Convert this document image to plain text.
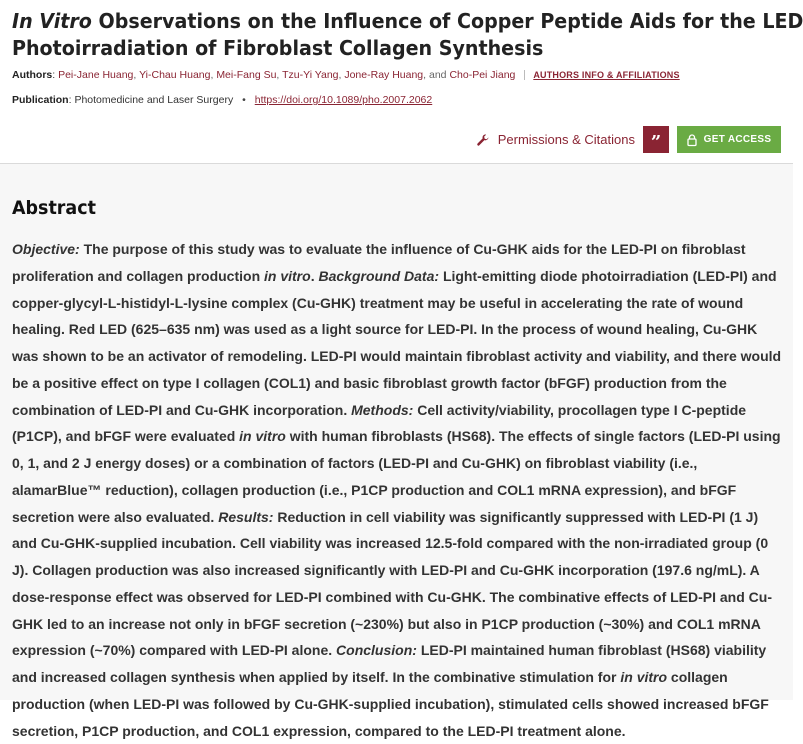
In Vitro Observations on the Influence of Copper Peptide Aids for the LED
Photoirradiation of Fibroblast Collagen Synthesis
Authors: Pei-Jane Huang, Yi-Chau Huang, Mei-Fang Su, Tzu-Yi Yang, Jone-Ray Huang, and Cho-Pei Jiang AUTHORS INFO & AFFILIATIONS
Publication: Photomedicine and Laser Surgery • https://doi.org/10.1089/pho.2007.2062
Permissions & Citations ”	GET ACCESS
Abstract

Objective: The purpose of this study was to evaluate the influence of Cu-GHK aids for the LED-PI on fibroblast proliferation and collagen production in vitro. Background Data: Light-emitting diode photoirradiation (LED-PI) and copper-glycyl-L-histidyl-L-lysine complex (Cu-GHK) treatment may be useful in accelerating the rate of wound healing. Red LED (625–635 nm) was used as a light source for LED-PI. In the process of wound healing, Cu-GHK was shown to be an activator of remodeling. LED-PI would maintain fibroblast activity and viability, and there would be a positive effect on type I collagen (COL1) and basic fibroblast growth factor (bFGF) production from the combination of LED-PI and Cu-GHK incorporation. Methods: Cell activity/viability, procollagen type I C-peptide (P1CP), and bFGF were evaluated in vitro with human fibroblasts (HS68). The effects of single factors (LED-PI using 0, 1, and 2 J energy doses) or a combination of factors (LED-PI and Cu-GHK) on fibroblast viability (i.e., alamarBlue™ reduction), collagen production (i.e., P1CP production and COL1 mRNA expression), and bFGF secretion were also evaluated. Results: Reduction in cell viability was significantly suppressed with LED-PI (1 J) and Cu-GHK-supplied incubation. Cell viability was increased 12.5-fold compared with the non-irradiated group (0 J). Collagen production was also increased significantly with LED-PI and Cu-GHK incorporation (197.6 ng/mL). A dose-response effect was observed for LED-PI combined with Cu-GHK. The combinative effects of LED-PI and Cu-GHK led to an increase not only in bFGF secretion (~230%) but also in P1CP production (~30%) and COL1 mRNA expression (~70%) compared with LED-PI alone. Conclusion: LED-PI maintained human fibroblast (HS68) viability and increased collagen synthesis when applied by itself. In the combinative stimulation for in vitro collagen production (when LED-PI was followed by Cu-GHK-supplied incubation), stimulated cells showed increased bFGF secretion, P1CP production, and COL1 expression, compared to the LED-PI treatment alone.
